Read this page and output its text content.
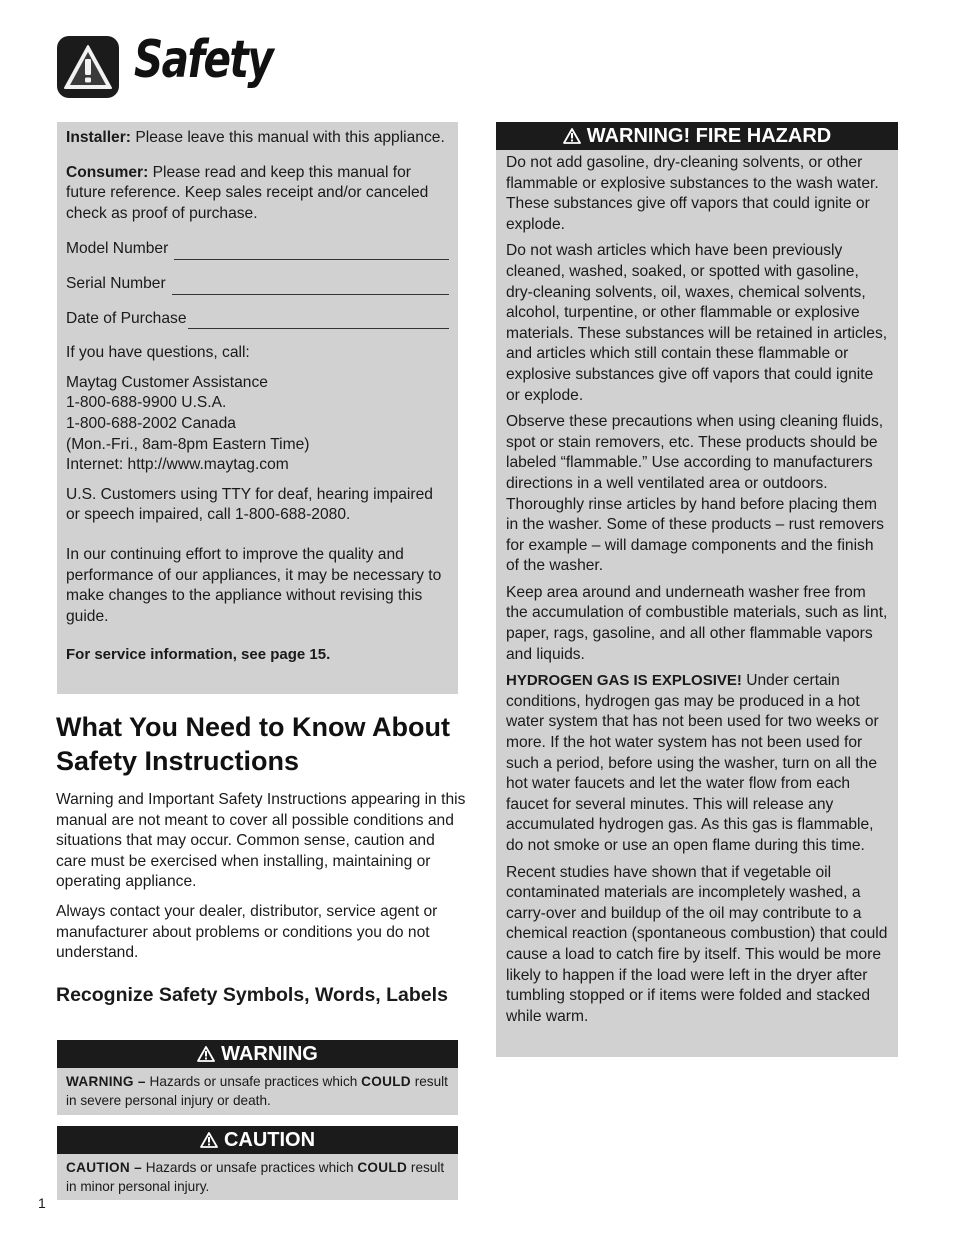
Safety

Installer: Please leave this manual with this appliance.

Consumer: Please read and keep this manual for future reference. Keep sales receipt and/or canceled check as proof of purchase.

Model Number
Serial Number
Date of Purchase

If you have questions, call:

Maytag Customer Assistance

1-800-688-9900 U.S.A.

1-800-688-2002 Canada

(Mon.-Fri., 8am-8pm Eastern Time)

Internet: http://www.maytag.com

U.S. Customers using TTY for deaf, hearing impaired or speech impaired, call 1-800-688-2080.

In our continuing effort to improve the quality and performance of our appliances, it may be necessary to make changes to the appliance without revising this guide.

For service information, see page 15.

What You Need to Know About Safety Instructions

Warning and Important Safety Instructions appearing in this manual are not meant to cover all possible conditions and situations that may occur. Common sense, caution and care must be exercised when installing, maintaining or operating appliance.

Always contact your dealer, distributor, service agent or manufacturer about problems or conditions you do not understand.

Recognize Safety Symbols, Words, Labels
WARNING
WARNING – Hazards or unsafe practices which COULD result in severe personal injury or death.
CAUTION
CAUTION – Hazards or unsafe practices which COULD result in minor personal injury.
WARNING! FIRE HAZARD

Do not add gasoline, dry-cleaning solvents, or other flammable or explosive substances to the wash water. These substances give off vapors that could ignite or explode.

Do not wash articles which have been previously cleaned, washed, soaked, or spotted with gasoline, dry-cleaning solvents, oil, waxes, chemical solvents, alcohol, turpentine, or other flammable or explosive materials. These substances will be retained in articles, and articles which still contain these flammable or explosive substances give off vapors that could ignite or explode.

Observe these precautions when using cleaning fluids, spot or stain removers, etc. These products should be labeled “flammable.” Use according to manufacturers directions in a well ventilated area or outdoors. Thoroughly rinse articles by hand before placing them in the washer. Some of these products – rust removers for example – will damage components and the finish of the washer.

Keep area around and underneath washer free from the accumulation of combustible materials, such as lint, paper, rags, gasoline, and all other flammable vapors and liquids.

HYDROGEN GAS IS EXPLOSIVE! Under certain conditions, hydrogen gas may be produced in a hot water system that has not been used for two weeks or more. If the hot water system has not been used for such a period, before using the washer, turn on all the hot water faucets and let the water flow from each faucet for several minutes. This will release any accumulated hydrogen gas. As this gas is flammable, do not smoke or use an open flame during this time.

Recent studies have shown that if vegetable oil contaminated materials are incompletely washed, a carry-over and buildup of the oil may contribute to a chemical reaction (spontaneous combustion) that could cause a load to catch fire by itself. This would be more likely to happen if the load were left in the dryer after tumbling stopped or if items were folded and stacked while warm.

1
